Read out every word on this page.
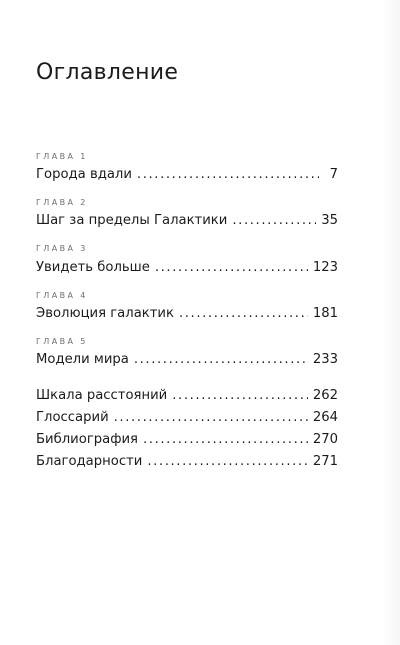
Оглавление
ГЛАВА 1
Города вдали .....	7
ГЛАВА 2
Шаг за пределы Галактики .....	35
ГЛАВА 3
Увидеть больше .....	123
ГЛАВА 4
Эволюция галактик .....	181
ГЛАВА 5
Модели мира .....	233
Шкала расстояний .....	262
Глоссарий .....	264
Библиография .....	270
Благодарности .....	271
